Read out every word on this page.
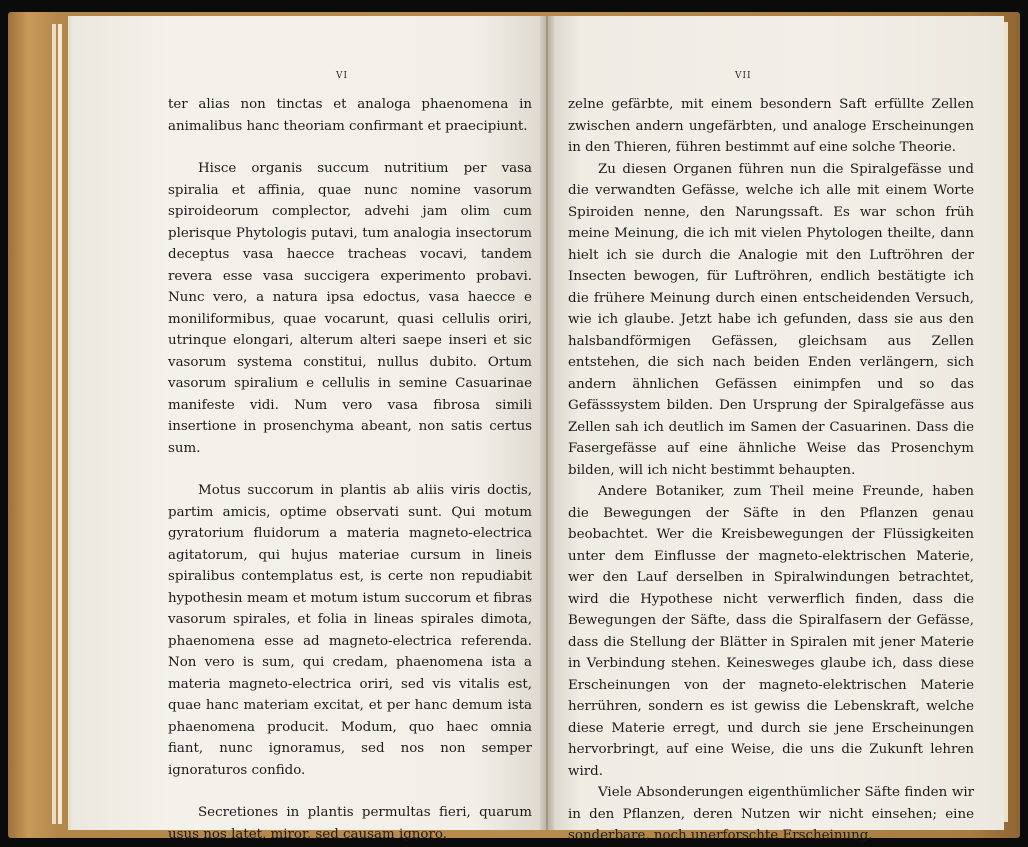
VI

ter alias non tinctas et analoga phaenomena in animalibus hanc theoriam confirmant et praecipiunt.

Hisce organis succum nutritium per vasa spiralia et affinia, quae nunc nomine vasorum spiroideorum complector, advehi jam olim cum plerisque Phytologis putavi, tum analogia insectorum deceptus vasa haecce tracheas vocavi, tandem revera esse vasa succigera experimento probavi. Nunc vero, a natura ipsa edoctus, vasa haecce e moniliformibus, quae vocarunt, quasi cellulis oriri, utrinque elongari, alterum alteri saepe inseri et sic vasorum systema constitui, nullus dubito. Ortum vasorum spiralium e cellulis in semine Casuarinae manifeste vidi. Num vero vasa fibrosa simili insertione in prosenchyma abeant, non satis certus sum.

Motus succorum in plantis ab aliis viris doctis, partim amicis, optime observati sunt. Qui motum gyratorium fluidorum a materia magneto-electrica agitatorum, qui hujus materiae cursum in lineis spiralibus contemplatus est, is certe non repudiabit hypothesin meam et motum istum succorum et fibras vasorum spirales, et folia in lineas spirales dimota, phaenomena esse ad magneto-electrica referenda. Non vero is sum, qui credam, phaenomena ista a materia magneto-electrica oriri, sed vis vitalis est, quae hanc materiam excitat, et per hanc demum ista phaenomena producit. Modum, quo haec omnia fiant, nunc ignoramus, sed nos non semper ignoraturos confido.

Secretiones in plantis permultas fieri, quarum usus nos latet, miror, sed causam ignoro.

VII

zelne gefärbte, mit einem besondern Saft erfüllte Zellen zwischen andern ungefärbten, und analoge Erscheinungen in den Thieren, führen bestimmt auf eine solche Theorie.

Zu diesen Organen führen nun die Spiralgefässe und die verwandten Gefässe, welche ich alle mit einem Worte Spiroiden nenne, den Narungssaft. Es war schon früh meine Meinung, die ich mit vielen Phytologen theilte, dann hielt ich sie durch die Analogie mit den Luftröhren der Insecten bewogen, für Luftröhren, endlich bestätigte ich die frühere Meinung durch einen entscheidenden Versuch, wie ich glaube. Jetzt habe ich gefunden, dass sie aus den halsbandförmigen Gefässen, gleichsam aus Zellen entstehen, die sich nach beiden Enden verlängern, sich andern ähnlichen Gefässen einimpfen und so das Gefässsystem bilden. Den Ursprung der Spiralgefässe aus Zellen sah ich deutlich im Samen der Casuarinen. Dass die Fasergefässe auf eine ähnliche Weise das Prosenchym bilden, will ich nicht bestimmt behaupten.

Andere Botaniker, zum Theil meine Freunde, haben die Bewegungen der Säfte in den Pflanzen genau beobachtet. Wer die Kreisbewegungen der Flüssigkeiten unter dem Einflusse der magneto-elektrischen Materie, wer den Lauf derselben in Spiralwindungen betrachtet, wird die Hypothese nicht verwerflich finden, dass die Bewegungen der Säfte, dass die Spiralfasern der Gefässe, dass die Stellung der Blätter in Spiralen mit jener Materie in Verbindung stehen. Keinesweges glaube ich, dass diese Erscheinungen von der magneto-elektrischen Materie herrühren, sondern es ist gewiss die Lebenskraft, welche diese Materie erregt, und durch sie jene Erscheinungen hervorbringt, auf eine Weise, die uns die Zukunft lehren wird.

Viele Absonderungen eigenthümlicher Säfte finden wir in den Pflanzen, deren Nutzen wir nicht einsehen; eine sonderbare, noch unerforschte Erscheinung.
